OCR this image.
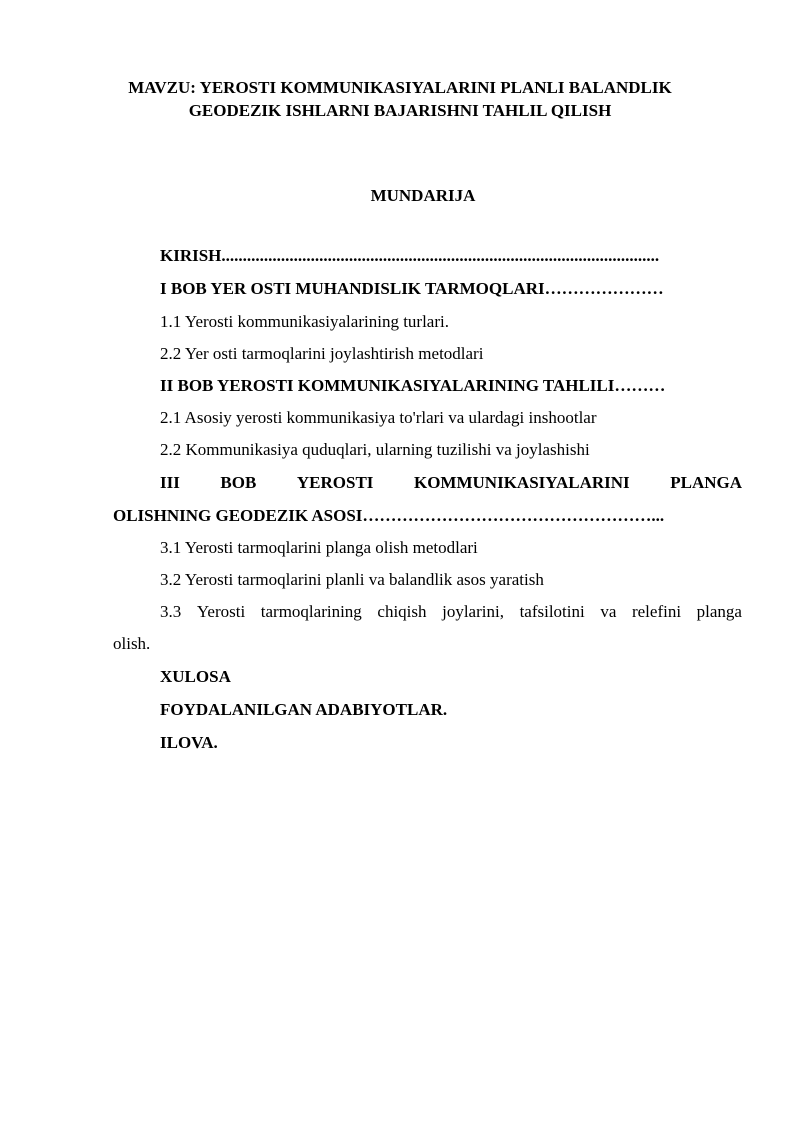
MAVZU: YEROSTI KOMMUNIKASIYALARINI PLANLI BALANDLIK
GEODEZIK ISHLARNI BAJARISHNI TAHLIL QILISH
MUNDARIJA
KIRISH.......................................................................................................
I BOB YER OSTI MUHANDISLIK TARMOQLARI…………………
1.1 Yerosti kommunikasiyalarining turlari.
2.2 Yer osti tarmoqlarini joylashtirish metodlari
II BOB YEROSTI KOMMUNIKASIYALARINING TAHLILI………
2.1 Asosiy yerosti kommunikasiya to'rlari va ulardagi inshootlar
2.2 Kommunikasiya quduqlari, ularning tuzilishi va joylashishi
III BOB YEROSTI KOMMUNIKASIYALARINI PLANGA
OLISHNING GEODEZIK ASOSI……………………………………………...
3.1 Yerosti tarmoqlarini planga olish metodlari
3.2 Yerosti tarmoqlarini planli va balandlik asos yaratish
3.3 Yerosti tarmoqlarining chiqish joylarini, tafsilotini va relefini planga
olish.
XULOSA
FOYDALANILGAN ADABIYOTLAR.
ILOVA.
